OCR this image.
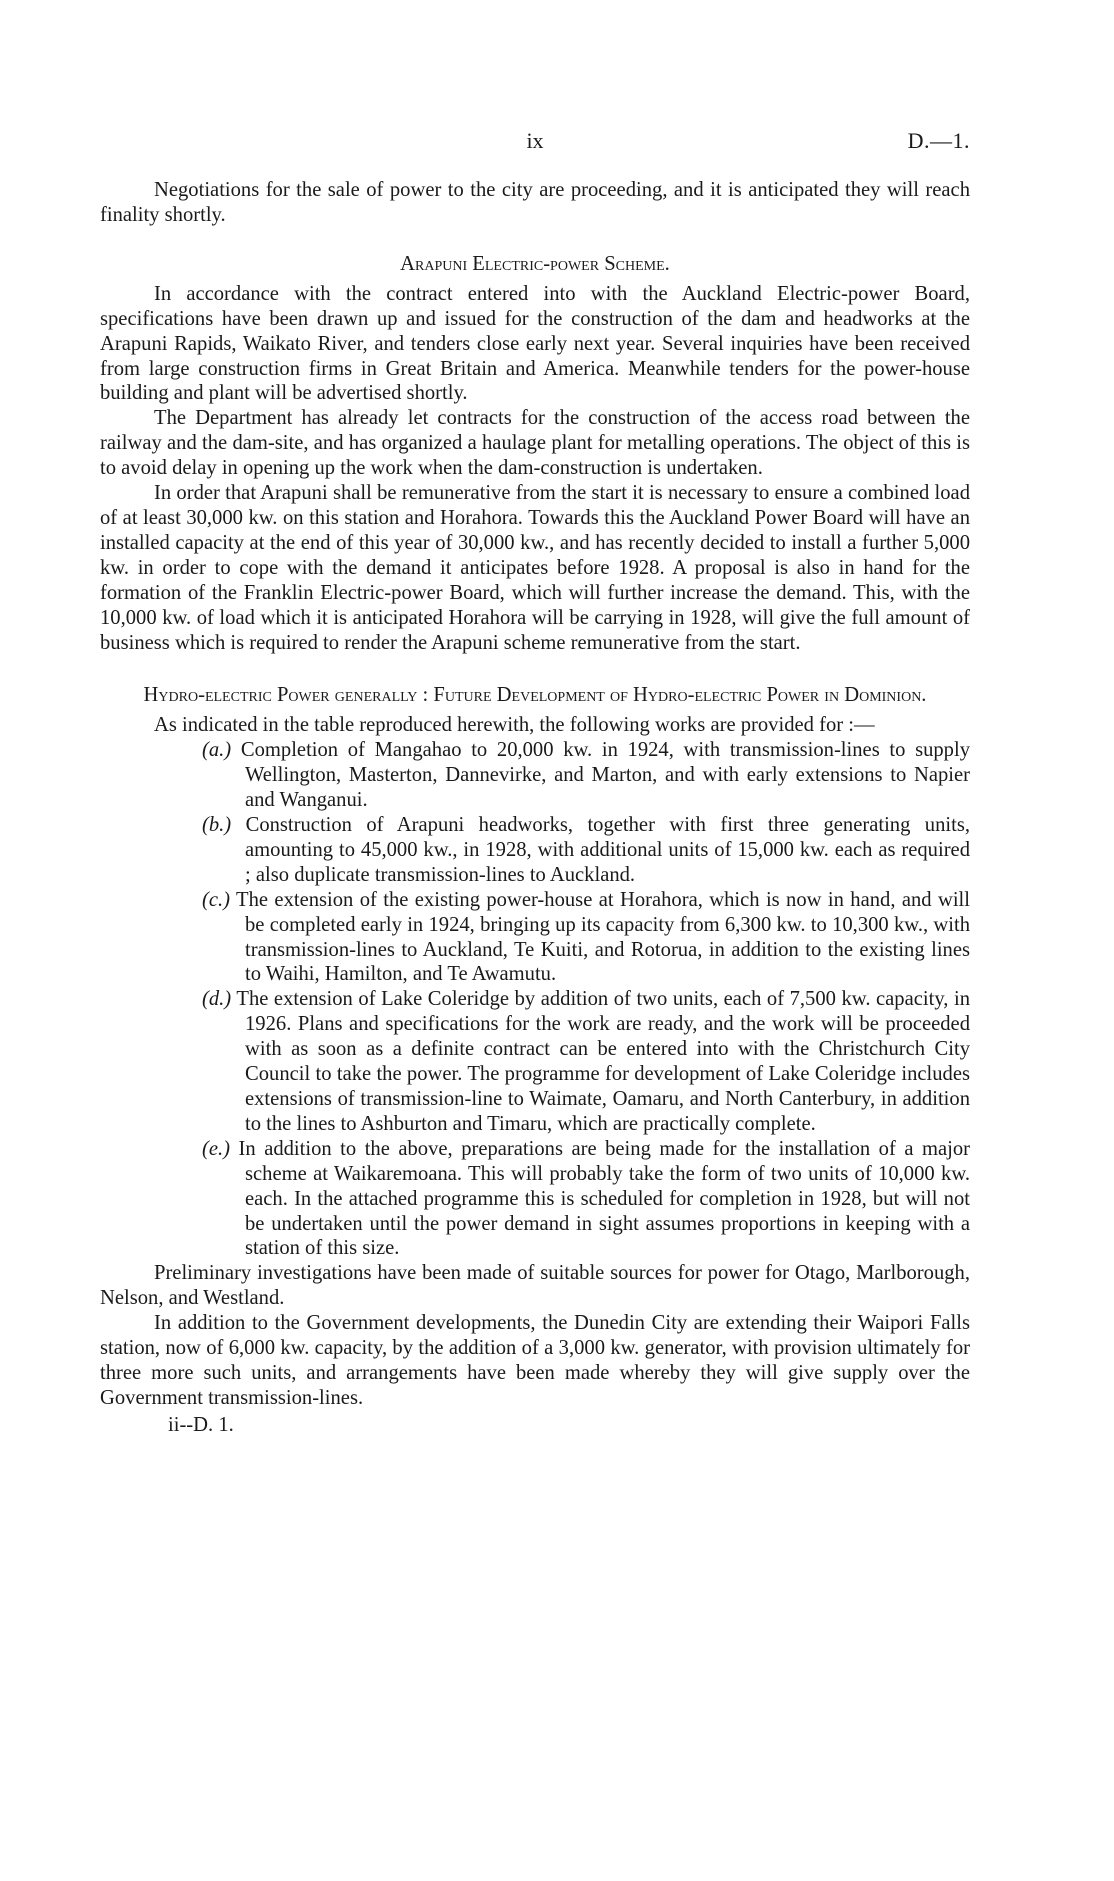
ix	D.—1.

Negotiations for the sale of power to the city are proceeding, and it is anticipated they will reach finality shortly.

Arapuni Electric-power Scheme.

In accordance with the contract entered into with the Auckland Electric-power Board, specifications have been drawn up and issued for the construction of the dam and headworks at the Arapuni Rapids, Waikato River, and tenders close early next year. Several inquiries have been received from large construction firms in Great Britain and America. Meanwhile tenders for the power-house building and plant will be advertised shortly.

The Department has already let contracts for the construction of the access road between the railway and the dam-site, and has organized a haulage plant for metalling operations. The object of this is to avoid delay in opening up the work when the dam-construction is undertaken.

In order that Arapuni shall be remunerative from the start it is necessary to ensure a combined load of at least 30,000 kw. on this station and Horahora. Towards this the Auckland Power Board will have an installed capacity at the end of this year of 30,000 kw., and has recently decided to install a further 5,000 kw. in order to cope with the demand it anticipates before 1928. A proposal is also in hand for the formation of the Franklin Electric-power Board, which will further increase the demand. This, with the 10,000 kw. of load which it is anticipated Horahora will be carrying in 1928, will give the full amount of business which is required to render the Arapuni scheme remunerative from the start.

Hydro-electric Power generally : Future Development of Hydro-electric Power in Dominion.

As indicated in the table reproduced herewith, the following works are provided for :—

(a.) Completion of Mangahao to 20,000 kw. in 1924, with transmission-lines to supply Wellington, Masterton, Dannevirke, and Marton, and with early extensions to Napier and Wanganui.
(b.) Construction of Arapuni headworks, together with first three generating units, amounting to 45,000 kw., in 1928, with additional units of 15,000 kw. each as required ; also duplicate transmission-lines to Auckland.
(c.) The extension of the existing power-house at Horahora, which is now in hand, and will be completed early in 1924, bringing up its capacity from 6,300 kw. to 10,300 kw., with transmission-lines to Auckland, Te Kuiti, and Rotorua, in addition to the existing lines to Waihi, Hamilton, and Te Awamutu.
(d.) The extension of Lake Coleridge by addition of two units, each of 7,500 kw. capacity, in 1926. Plans and specifications for the work are ready, and the work will be proceeded with as soon as a definite contract can be entered into with the Christchurch City Council to take the power. The programme for development of Lake Coleridge includes extensions of transmission-line to Waimate, Oamaru, and North Canterbury, in addition to the lines to Ashburton and Timaru, which are practically complete.
(e.) In addition to the above, preparations are being made for the installation of a major scheme at Waikaremoana. This will probably take the form of two units of 10,000 kw. each. In the attached programme this is scheduled for completion in 1928, but will not be undertaken until the power demand in sight assumes proportions in keeping with a station of this size.

Preliminary investigations have been made of suitable sources for power for Otago, Marlborough, Nelson, and Westland.

In addition to the Government developments, the Dunedin City are extending their Waipori Falls station, now of 6,000 kw. capacity, by the addition of a 3,000 kw. generator, with provision ultimately for three more such units, and arrangements have been made whereby they will give supply over the Government transmission-lines.

ii--D. 1.
